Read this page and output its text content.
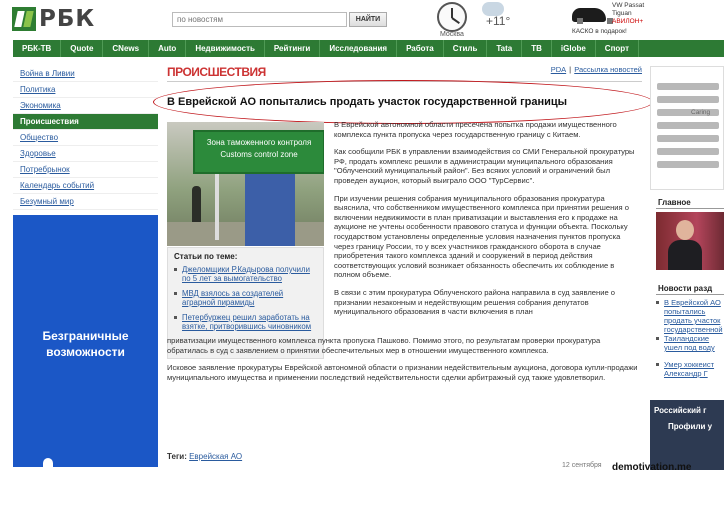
РБК
по новостям	НАЙТИ
Москва
+11°
VW Passat
Tiguan
АВИЛОН+
КАСКО в подарок!
РБК-ТВ	Quote	CNews	Auto	Недвижимость	Рейтинги	Исследования	Работа	Стиль	Tata	ТВ	iGlobe	Спорт
Война в Ливии
Политика
Экономика
Происшествия
Общество
Здоровье
Потребрынок
Календарь событий
Безумный мир
Безграничные
возможности
ПРОИСШЕСТВИЯ	PDA | Рассылка новостей
В Еврейской АО попытались продать участок государственной границы
Зона таможенного контроля
Customs control zone
Статьи по теме:
Джеломщики Р.Кадырова получили по 5 лет за вымогательство
МВД взялось за создателей аграрной пирамиды
Петербуржец решил заработать на взятке, притворившись чиновником

В Еврейской автономной области пресечена попытка продажи имущественного комплекса пункта пропуска через государственную границу с Китаем.

Как сообщили РБК в управлении взаимодействия со СМИ Генеральной прокуратуры РФ, продать комплекс решили в администрации муниципального образования "Облученский муниципальный район". Без всяких условий и ограничений был проведен аукцион, который выиграло ООО "ТурСервис".

При изучении решения собрания муниципального образования прокуратура выяснила, что собственником имущественного комплекса при принятии решения о включении недвижимости в план приватизации и выставления его к продаже на аукционе не учтены особенности правового статуса и функции объекта. Поскольку государством установлены определенные условия назначения пунктов пропуска через границу России, то у всех участников гражданского оборота в случае приобретения такого комплекса зданий и сооружений в период действия соответствующих условий возникает обязанность обеспечить их соблюдение в полном объеме.

В связи с этим прокуратура Облученского района направила в суд заявление о признании незаконным и недействующим решения собрания депутатов муниципального образования в части включения в план

приватизации имущественного комплекса пункта пропуска Пашково. Помимо этого, по результатам проверки прокуратура обратилась в суд с заявлением о принятии обеспечительных мер в отношении имущественного комплекса.

Исковое заявление прокуратуры Еврейской автономной области о признании недействительным аукциона, договора купли-продажи муниципального имущества и применении последствий недействительности сделки арбитражный суд также удовлетворил.

Теги: Еврейская АО
12 сентября
Главное
Новости разд
В Еврейской АО попытались продать участок государственной
Таиландские ушел под воду
Умер хоккеист Александр Г
Российский г
Профили у
demotivation.me
